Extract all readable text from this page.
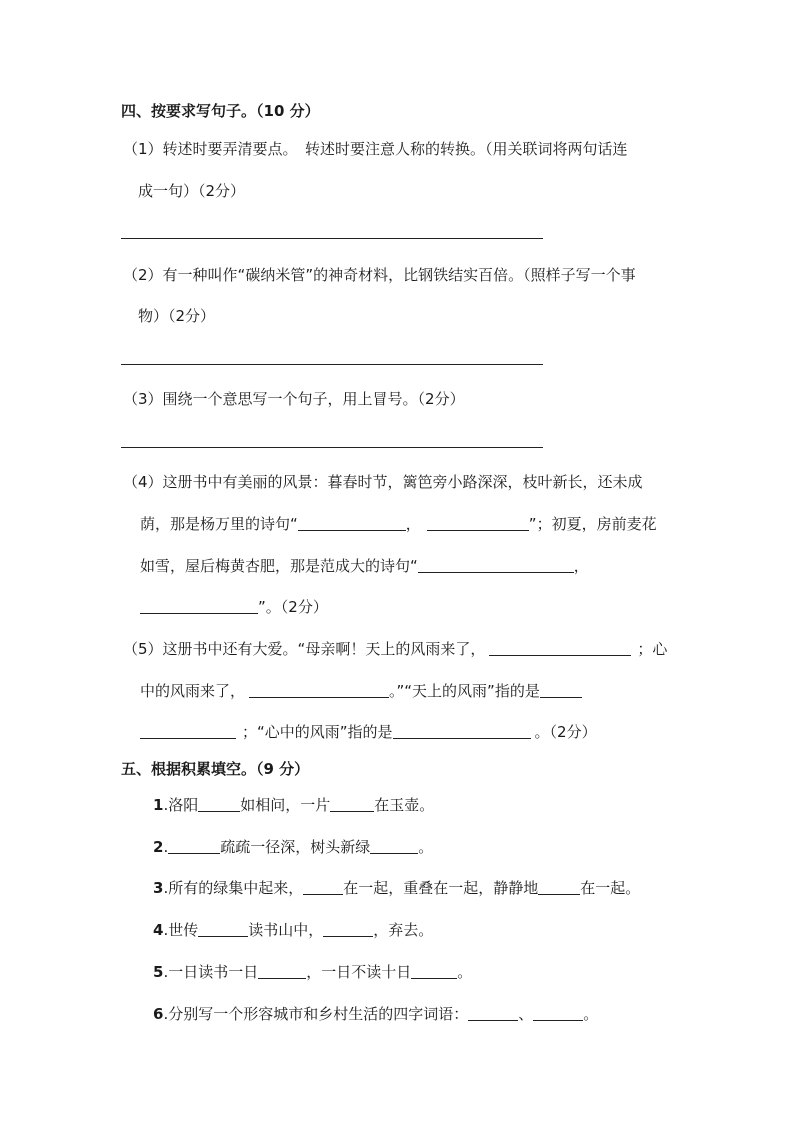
四、按要求写句子。（10 分）
（1）转述时要弄清要点。　转述时要注意人称的转换。（用关联词将两句话连
成一句）（2分）
（2）有一种叫作“碳纳米管”的神奇材料，比钢铁结实百倍。（照样子写一个事
物）（2分）
（3）围绕一个意思写一个句子，用上冒号。（2分）
（4）这册书中有美丽的风景：暮春时节，篱笆旁小路深深，枝叶新长，还未成
荫，那是杨万里的诗句“	，	”；初夏，房前麦花
如雪，屋后梅黄杏肥，那是范成大的诗句“	，
”。（2分）
（5）这册书中还有大爱。“母亲啊！天上的风雨来了，	；心
中的风雨来了，	。”“天上的风雨”指的是
；“心中的风雨”指的是	。（2分）
五、根据积累填空。（9 分）
1.洛阳	如相问，一片	在玉壶。
2.	疏疏一径深，树头新绿	。
3.所有的绿集中起来，	在一起，重叠在一起，静静地	在一起。
4.世传	读书山中，	，弃去。
5.一日读书一日	，一日不读十日	。
6.分别写一个形容城市和乡村生活的四字词语：	、	。
